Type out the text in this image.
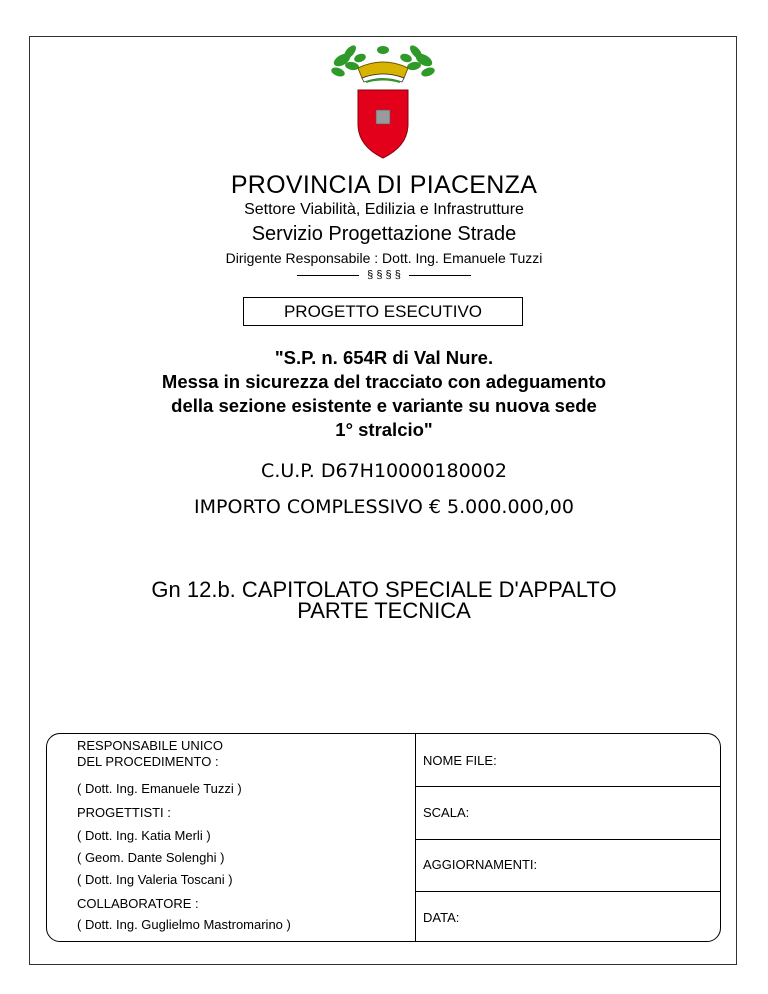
PROVINCIA DI PIACENZA
Settore Viabilità, Edilizia e Infrastrutture
Servizio Progettazione Strade
Dirigente Responsabile : Dott. Ing. Emanuele Tuzzi
§ § § §
PROGETTO ESECUTIVO
"S.P. n. 654R di Val Nure.
Messa in sicurezza del tracciato con adeguamento
della sezione esistente e variante su nuova sede
1° stralcio"
C.U.P. D67H10000180002
IMPORTO COMPLESSIVO € 5.000.000,00
Gn 12.b. CAPITOLATO SPECIALE D'APPALTO
PARTE TECNICA
RESPONSABILE UNICO
DEL PROCEDIMENTO :
( Dott. Ing. Emanuele Tuzzi )
PROGETTISTI :
( Dott. Ing. Katia Merli )
( Geom. Dante Solenghi )
( Dott. Ing Valeria Toscani )
COLLABORATORE :
( Dott. Ing. Guglielmo Mastromarino )
NOME FILE:
SCALA:
AGGIORNAMENTI:
DATA:
